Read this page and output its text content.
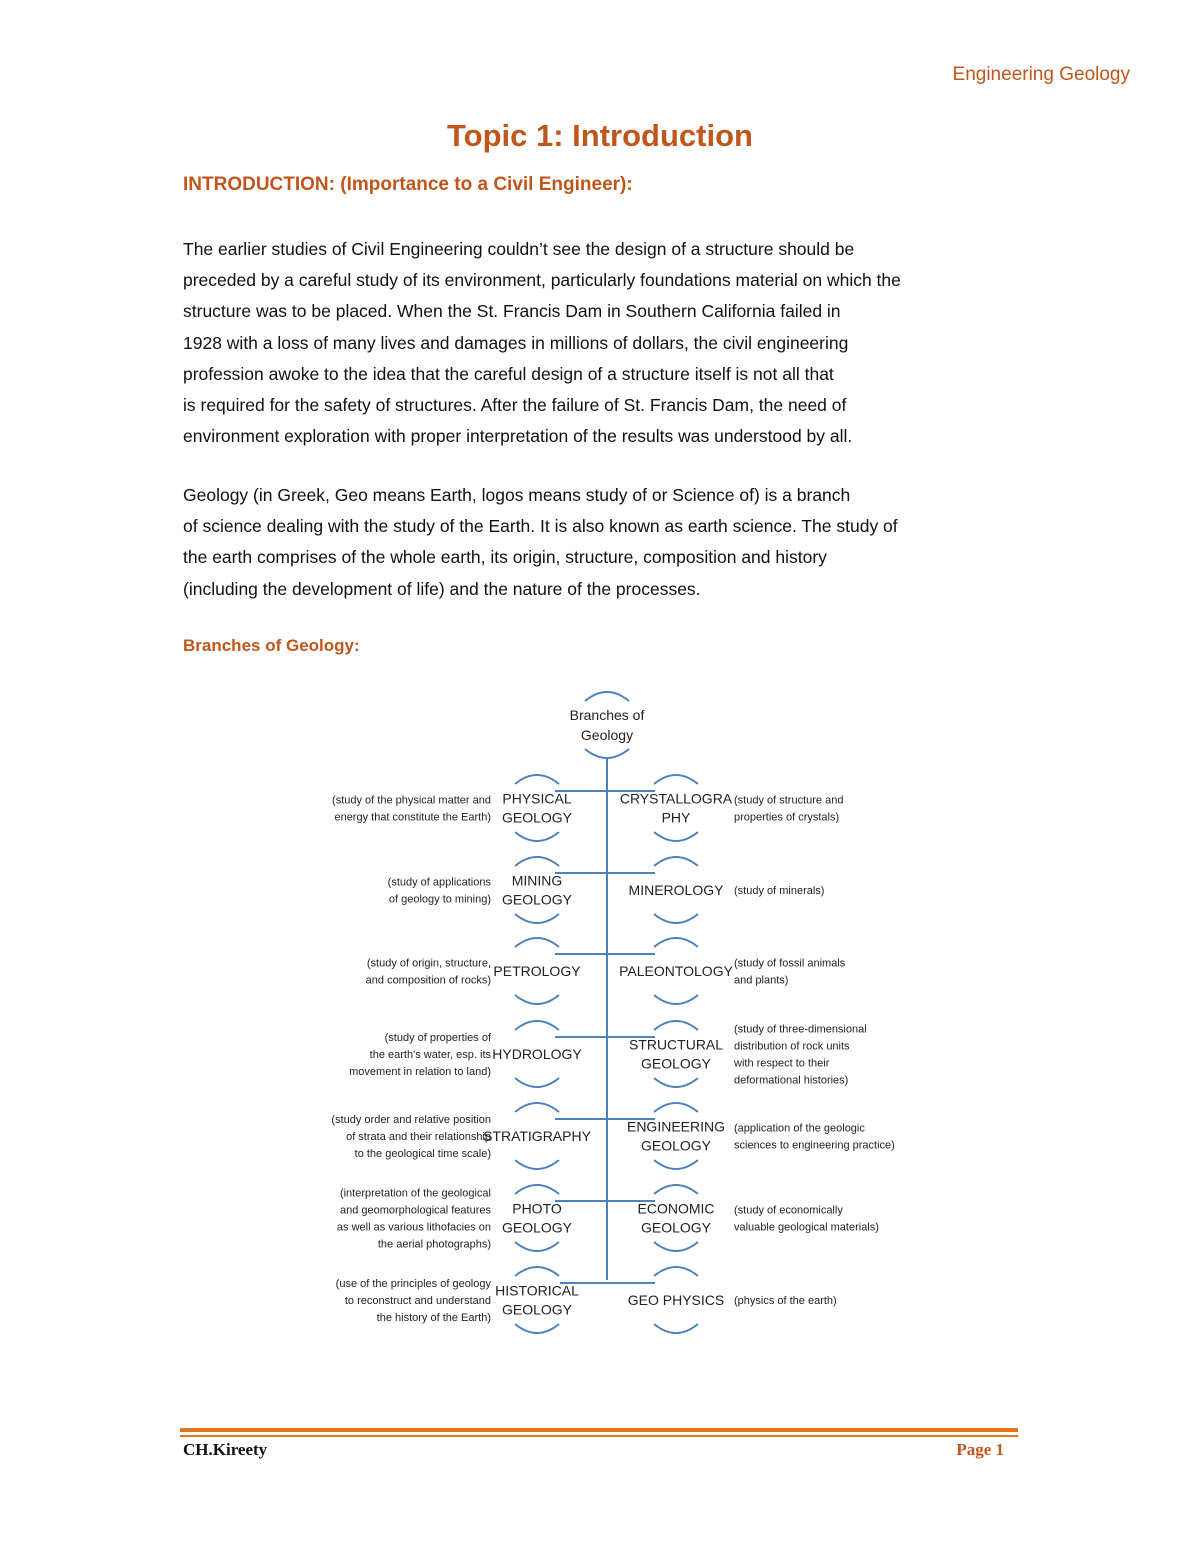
Engineering Geology
Topic 1: Introduction
INTRODUCTION: (Importance to a Civil Engineer):
The earlier studies of Civil Engineering couldn’t see the design of a structure should be
preceded by a careful study of its environment, particularly foundations material on which the
structure was to be placed. When the St. Francis Dam in Southern California failed in
1928 with a loss of many lives and damages in millions of dollars, the civil engineering
profession awoke to the idea that the careful design of a structure itself is not all that
is required for the safety of structures. After the failure of St. Francis Dam, the need of
environment exploration with proper interpretation of the results was understood by all.
Geology (in Greek, Geo means Earth, logos means study of or Science of) is a branch
of science dealing with the study of the Earth. It is also known as earth science. The study of
the earth comprises of the whole earth, its origin, structure, composition and history
(including the development of life) and the nature of the processes.
Branches of Geology:
Branches of Geology
PHYSICAL GEOLOGY
(study of the physical matter and energy that constitute the Earth)
MINING GEOLOGY
(study of applications of geology to mining)
PETROLOGY
(study of origin, structure, and composition of rocks)
HYDROLOGY
(study of properties of the earth's water, esp. its movement in relation to land)
STRATIGRAPHY
(study order and relative position of strata and their relationship to the geological time scale)
PHOTO GEOLOGY
(interpretation of the geological and geomorphological features as well as various lithofacies on the aerial photographs)
HISTORICAL GEOLOGY
(use of the principles of geology to reconstruct and understand the history of the Earth)
CRYSTALLOGRA PHY
(study of structure and properties of crystals)
MINEROLOGY (study of minerals)
PALEONTOLOGY (study of fossil animals and plants)
STRUCTURAL GEOLOGY
(study of three-dimensional distribution of rock units with respect to their deformational histories)
ENGINEERING GEOLOGY
(application of the geologic sciences to engineering practice)
ECONOMIC GEOLOGY
(study of economically valuable geological materials)
GEO PHYSICS (physics of the earth)
CH.Kireety	Page 1
